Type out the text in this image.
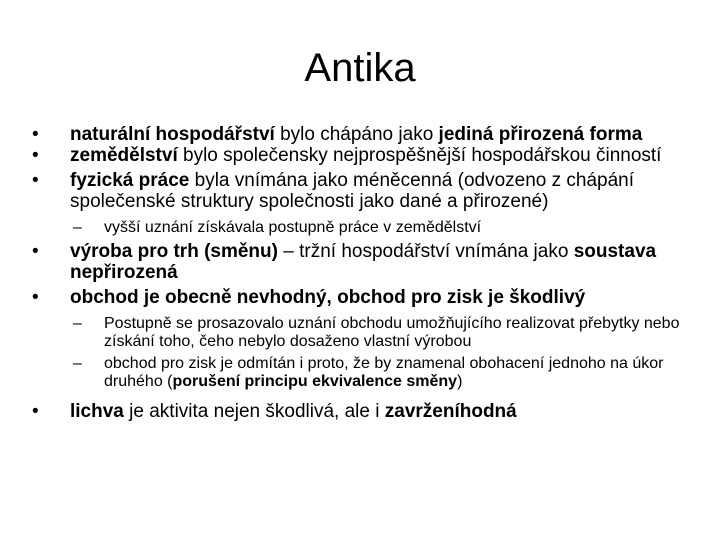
Antika
• naturální hospodářství bylo chápáno jako jediná přirozená forma
• zemědělství bylo společensky nejprospěšnější hospodářskou činností
• fyzická práce byla vnímána jako méněcenná (odvozeno z chápání společenské struktury společnosti jako dané a přirozené)
– vyšší uznání získávala postupně práce v zemědělství
• výroba pro trh (směnu) – tržní hospodářství vnímána jako soustava nepřirozená
• obchod je obecně nevhodný, obchod pro zisk je škodlivý
– Postupně se prosazovalo uznání obchodu umožňujícího realizovat přebytky nebo získání toho, čeho nebylo dosaženo vlastní výrobou
– obchod pro zisk je odmítán i proto, že by znamenal obohacení jednoho na úkor druhého (porušení principu ekvivalence směny)
• lichva je aktivita nejen škodlivá, ale i zavrženíhodná
